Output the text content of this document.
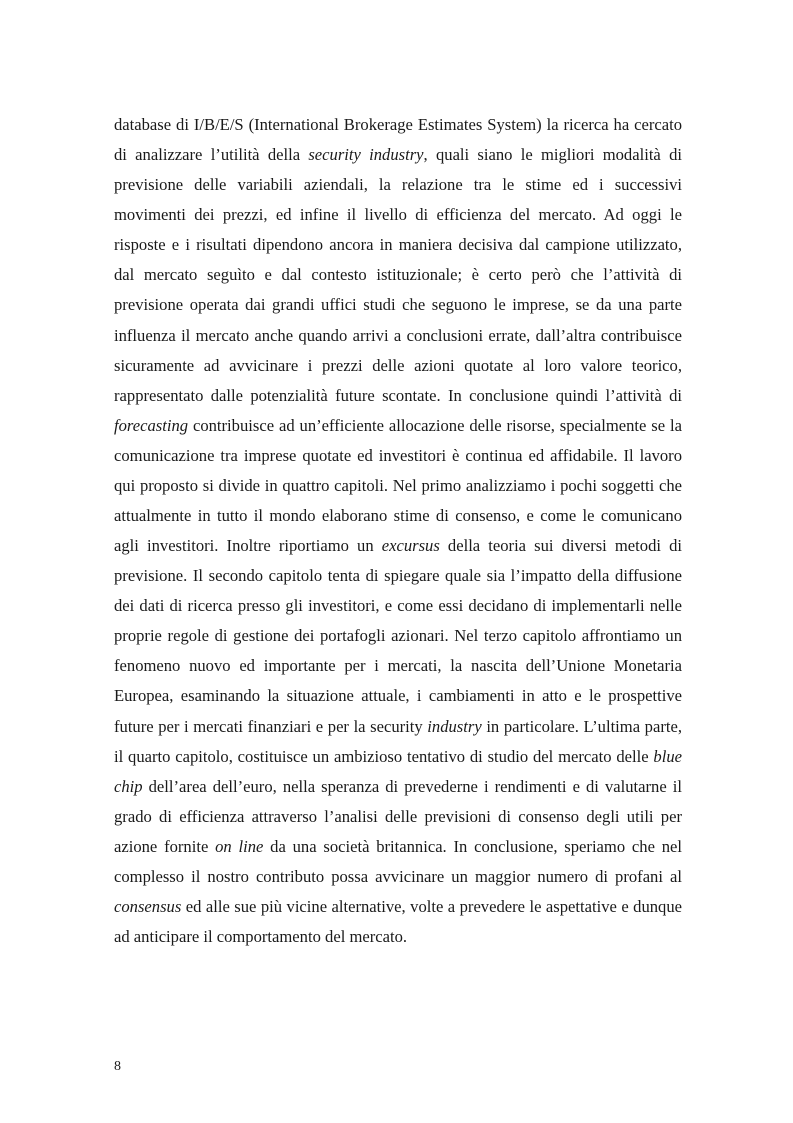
database di I/B/E/S (International Brokerage Estimates System) la ricerca ha cercato di analizzare l’utilità della security industry, quali siano le migliori modalità di previsione delle variabili aziendali, la relazione tra le stime ed i successivi movimenti dei prezzi, ed infine il livello di efficienza del mercato. Ad oggi le risposte e i risultati dipendono ancora in maniera decisiva dal campione utilizzato, dal mercato seguìto e dal contesto istituzionale; è certo però che l’attività di previsione operata dai grandi uffici studi che seguono le imprese, se da una parte influenza il mercato anche quando arrivi a conclusioni errate, dall’altra contribuisce sicuramente ad avvicinare i prezzi delle azioni quotate al loro valore teorico, rappresentato dalle potenzialità future scontate. In conclusione quindi l’attività di forecasting contribuisce ad un’efficiente allocazione delle risorse, specialmente se la comunicazione tra imprese quotate ed investitori è continua ed affidabile. Il lavoro qui proposto si divide in quattro capitoli. Nel primo analizziamo i pochi soggetti che attualmente in tutto il mondo elaborano stime di consenso, e come le comunicano agli investitori. Inoltre riportiamo un excursus della teoria sui diversi metodi di previsione. Il secondo capitolo tenta di spiegare quale sia l’impatto della diffusione dei dati di ricerca presso gli investitori, e come essi decidano di implementarli nelle proprie regole di gestione dei portafogli azionari. Nel terzo capitolo affrontiamo un fenomeno nuovo ed importante per i mercati, la nascita dell’Unione Monetaria Europea, esaminando la situazione attuale, i cambiamenti in atto e le prospettive future per i mercati finanziari e per la security industry in particolare. L’ultima parte, il quarto capitolo, costituisce un ambizioso tentativo di studio del mercato delle blue chip dell’area dell’euro, nella speranza di prevederne i rendimenti e di valutarne il grado di efficienza attraverso l’analisi delle previsioni di consenso degli utili per azione fornite on line da una società britannica. In conclusione, speriamo che nel complesso il nostro contributo possa avvicinare un maggior numero di profani al consensus ed alle sue più vicine alternative, volte a prevedere le aspettative e dunque ad anticipare il comportamento del mercato.

8
